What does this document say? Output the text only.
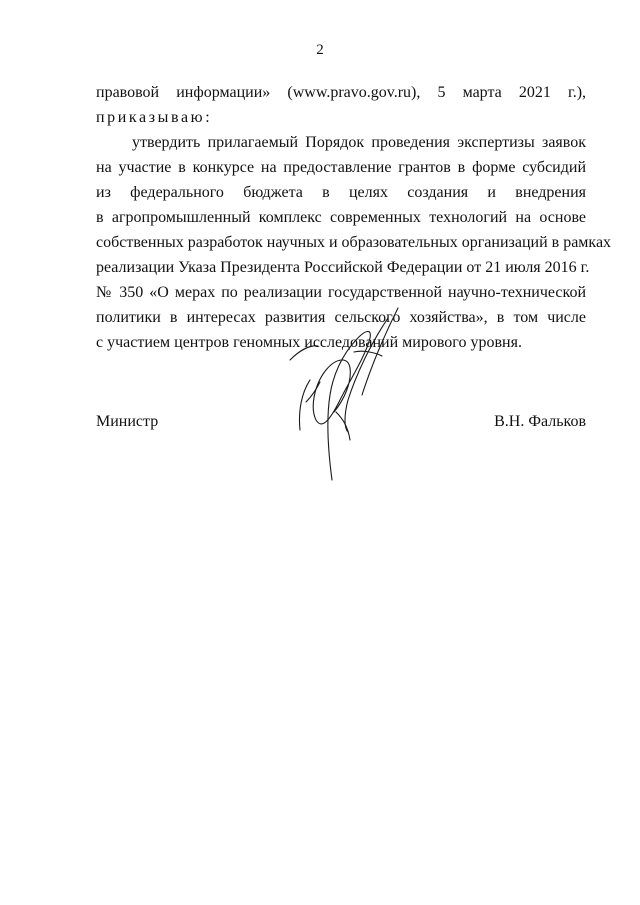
2
правовой информации» (www.pravo.gov.ru), 5 марта 2021 г.),
приказываю:
утвердить прилагаемый Порядок проведения экспертизы заявок
на участие в конкурсе на предоставление грантов в форме субсидий
из федерального бюджета в целях создания и внедрения
в агропромышленный комплекс современных технологий на основе
собственных разработок научных и образовательных организаций в рамках
реализации Указа Президента Российской Федерации от 21 июля 2016 г.
№ 350 «О мерах по реализации государственной научно-технической
политики в интересах развития сельского хозяйства», в том числе
с участием центров геномных исследований мирового уровня.
Министр	В.Н. Фальков
